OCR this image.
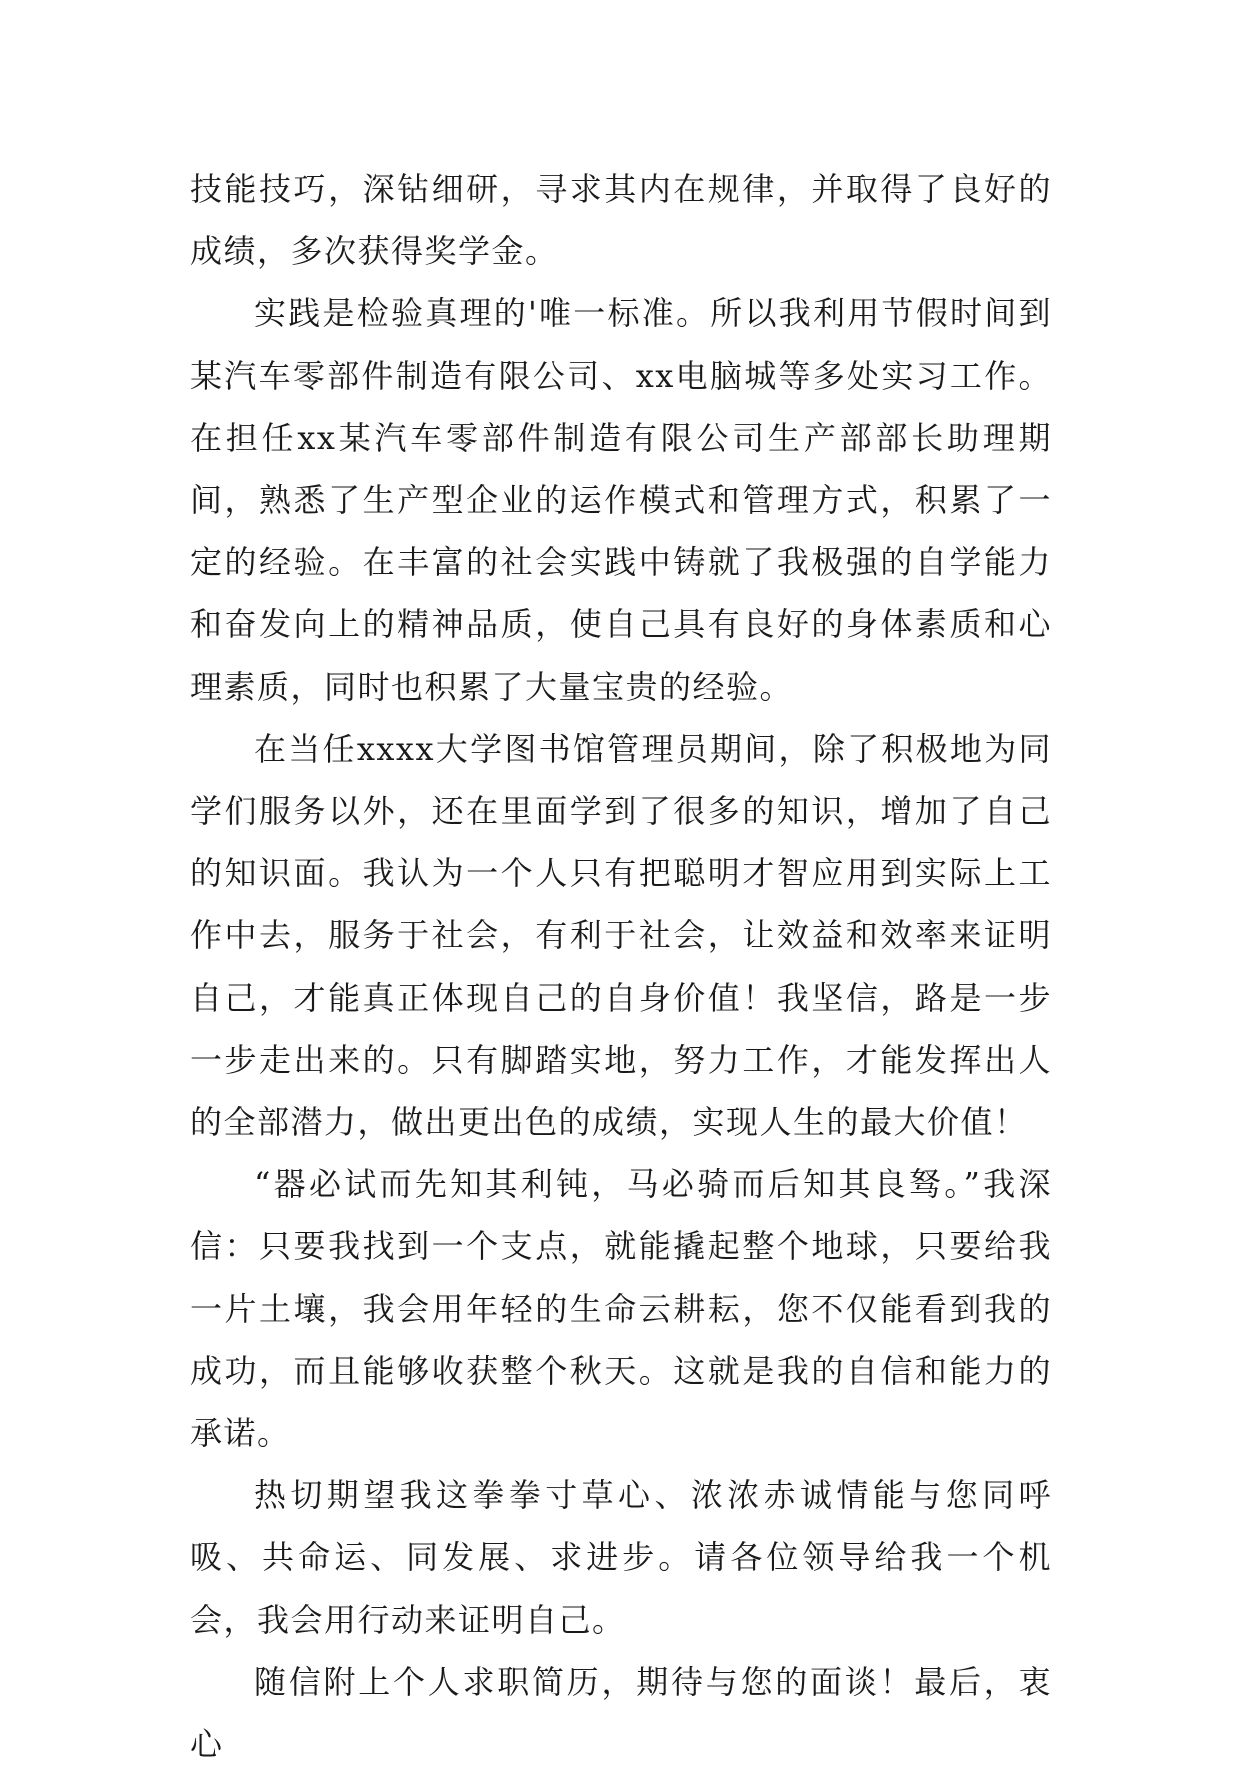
技能技巧，深钻细研，寻求其内在规律，并取得了良好的成绩，多次获得奖学金。

实践是检验真理的'唯一标准。所以我利用节假时间到某汽车零部件制造有限公司、xx电脑城等多处实习工作。在担任xx某汽车零部件制造有限公司生产部部长助理期间，熟悉了生产型企业的运作模式和管理方式，积累了一定的经验。在丰富的社会实践中铸就了我极强的自学能力和奋发向上的精神品质，使自己具有良好的身体素质和心理素质，同时也积累了大量宝贵的经验。

在当任xxxx大学图书馆管理员期间，除了积极地为同学们服务以外，还在里面学到了很多的知识，增加了自己的知识面。我认为一个人只有把聪明才智应用到实际上工作中去，服务于社会，有利于社会，让效益和效率来证明自己，才能真正体现自己的自身价值！我坚信，路是一步一步走出来的。只有脚踏实地，努力工作，才能发挥出人的全部潜力，做出更出色的成绩，实现人生的最大价值！

“器必试而先知其利钝，马必骑而后知其良驽。”我深信：只要我找到一个支点，就能撬起整个地球，只要给我一片土壤，我会用年轻的生命云耕耘，您不仅能看到我的成功，而且能够收获整个秋天。这就是我的自信和能力的承诺。

热切期望我这拳拳寸草心、浓浓赤诚情能与您同呼吸、共命运、同发展、求进步。请各位领导给我一个机会，我会用行动来证明自己。

随信附上个人求职简历，期待与您的面谈！最后，衷心
